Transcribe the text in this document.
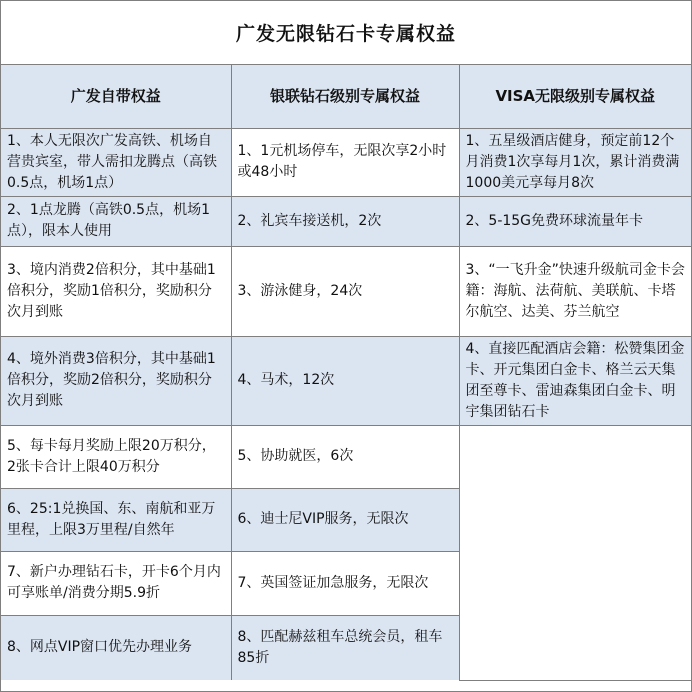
广发无限钻石卡专属权益
广发自带权益	银联钻石级别专属权益	VISA无限级别专属权益
1、本人无限次广发高铁、机场自营贵宾室，带人需扣龙腾点（高铁0.5点，机场1点）	1、1元机场停车，无限次享2小时或48小时	1、五星级酒店健身，预定前12个月消费1次享每月1次，累计消费满1000美元享每月8次
2、1点龙腾（高铁0.5点，机场1点），限本人使用	2、礼宾车接送机，2次	2、5-15G免费环球流量年卡
3、境内消费2倍积分，其中基础1倍积分，奖励1倍积分，奖励积分次月到账	3、游泳健身，24次	3、“一飞升金”快速升级航司金卡会籍：海航、法荷航、美联航、卡塔尔航空、达美、芬兰航空
4、境外消费3倍积分，其中基础1倍积分，奖励2倍积分，奖励积分次月到账	4、马术，12次	4、直接匹配酒店会籍：松赞集团金卡、开元集团白金卡、格兰云天集团至尊卡、雷迪森集团白金卡、明宇集团钻石卡
5、每卡每月奖励上限20万积分，2张卡合计上限40万积分	5、协助就医，6次	
6、25:1兑换国、东、南航和亚万里程，上限3万里程/自然年	6、迪士尼VIP服务，无限次	
7、新户办理钻石卡，开卡6个月内可享账单/消费分期5.9折	7、英国签证加急服务，无限次	
8、网点VIP窗口优先办理业务	8、匹配赫兹租车总统会员，租车85折	
